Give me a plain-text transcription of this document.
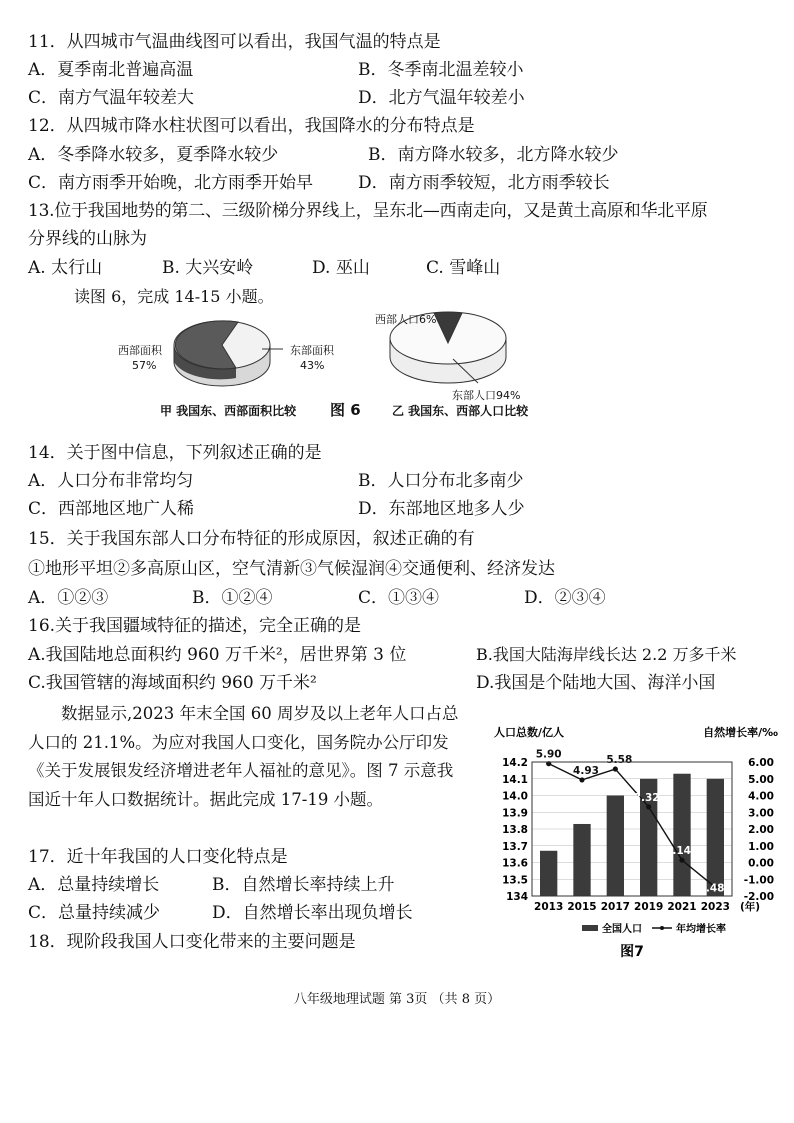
11．从四城市气温曲线图可以看出，我国气温的特点是
A．夏季南北普遍高温	B．冬季南北温差较小
C．南方气温年较差大	D．北方气温年较差小
12．从四城市降水柱状图可以看出，我国降水的分布特点是
A．冬季降水较多，夏季降水较少	B．南方降水较多，北方降水较少
C．南方雨季开始晚，北方雨季开始早	D．南方雨季较短，北方雨季较长
13.位于我国地势的第二、三级阶梯分界线上，呈东北—西南走向，又是黄土高原和华北平原
分界线的山脉为
A. 太行山	B. 大兴安岭	D. 巫山	C. 雪峰山
读图 6，完成 14-15 小题。
西部面积
57%
东部面积
43%
西部人口6%
东部人口94%
甲 我国东、西部面积比较 图 6	乙 我国东、西部人口比较
14．关于图中信息，下列叙述正确的是
A．人口分布非常均匀	B．人口分布北多南少
C．西部地区地广人稀	D．东部地区地多人少
15．关于我国东部人口分布特征的形成原因，叙述正确的有
①地形平坦②多高原山区，空气清新③气候湿润④交通便利、经济发达
A．①②③	B．①②④	C．①③④	D．②③④
16.关于我国疆域特征的描述，完全正确的是
A.我国陆地总面积约 960 万千米²，居世界第 3 位	B.我国大陆海岸线长达 2.2 万多千米
C.我国管辖的海域面积约 960 万千米²	D.我国是个陆地大国、海洋小国
数据显示,2023 年末全国 60 周岁及以上老年人口占总人口的 21.1%。为应对我国人口变化，国务院办公厅印发《关于发展银发经济增进老年人福祉的意见》。图 7 示意我国近十年人口数据统计。据此完成 17-19 小题。
17．近十年我国的人口变化特点是
A．总量持续增长	B．自然增长率持续上升
C．总量持续减少	D．自然增长率出现负增长
18．现阶段我国人口变化带来的主要问题是
人口总数/亿人	自然增长率/‰
5.90
4.93
5.58
3.32
0.14
-1.48
14.2	6.00
14.1	5.00
14.0	4.00
13.9	3.00
13.8	2.00
13.7	1.00
13.6	0.00
13.5	-1.00
134	-2.00
2013 2015 2017 2019 2021 2023 (年)
全国人口	年均增长率
图7
八年级地理试题 第 3页 （共 8 页）
